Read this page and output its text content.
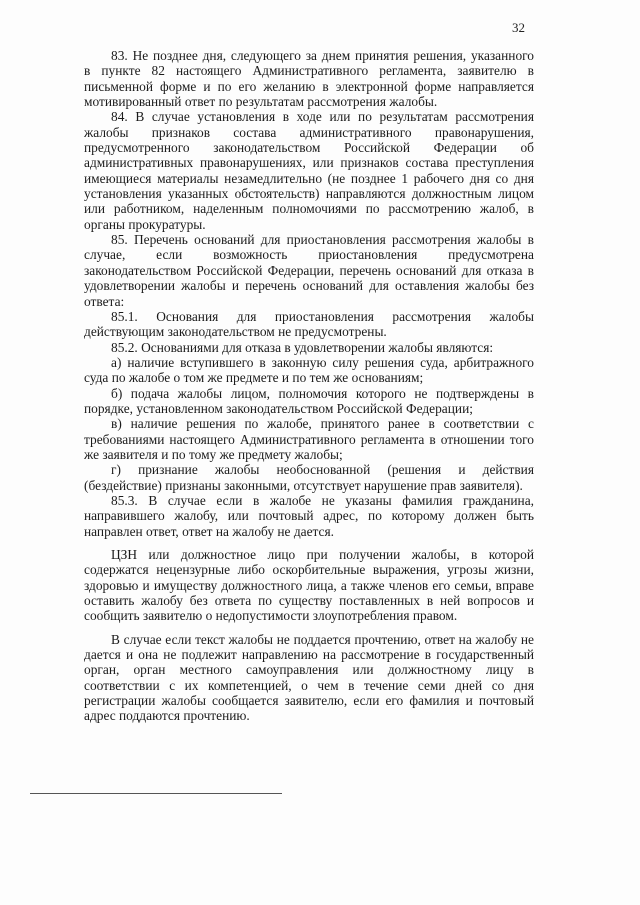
32
83. Не позднее дня, следующего за днем принятия решения, указанного
в пункте 82 настоящего Административного регламента, заявителю в
письменной форме и по его желанию в электронной форме направляется
мотивированный ответ по результатам рассмотрения жалобы.
84. В случае установления в ходе или по результатам рассмотрения
жалобы признаков состава административного правонарушения,
предусмотренного законодательством Российской Федерации об
административных правонарушениях, или признаков состава преступления
имеющиеся материалы незамедлительно (не позднее 1 рабочего дня со дня
установления указанных обстоятельств) направляются должностным лицом
или работником, наделенным полномочиями по рассмотрению жалоб, в
органы прокуратуры.
85. Перечень оснований для приостановления рассмотрения жалобы в
случае, если возможность приостановления предусмотрена
законодательством Российской Федерации, перечень оснований для отказа в
удовлетворении жалобы и перечень оснований для оставления жалобы без
ответа:
85.1. Основания для приостановления рассмотрения жалобы
действующим законодательством не предусмотрены.
85.2. Основаниями для отказа в удовлетворении жалобы являются:
а) наличие вступившего в законную силу решения суда, арбитражного
суда по жалобе о том же предмете и по тем же основаниям;
б) подача жалобы лицом, полномочия которого не подтверждены в
порядке, установленном законодательством Российской Федерации;
в) наличие решения по жалобе, принятого ранее в соответствии с
требованиями настоящего Административного регламента в отношении того
же заявителя и по тому же предмету жалобы;
г) признание жалобы необоснованной (решения и действия
(бездействие) признаны законными, отсутствует нарушение прав заявителя).
85.3. В случае если в жалобе не указаны фамилия гражданина,
направившего жалобу, или почтовый адрес, по которому должен быть
направлен ответ, ответ на жалобу не дается.
ЦЗН или должностное лицо при получении жалобы, в которой
содержатся нецензурные либо оскорбительные выражения, угрозы жизни,
здоровью и имуществу должностного лица, а также членов его семьи, вправе
оставить жалобу без ответа по существу поставленных в ней вопросов и
сообщить заявителю о недопустимости злоупотребления правом.
В случае если текст жалобы не поддается прочтению, ответ на жалобу не
дается и она не подлежит направлению на рассмотрение в государственный
орган, орган местного самоуправления или должностному лицу в
соответствии с их компетенцией, о чем в течение семи дней со дня
регистрации жалобы сообщается заявителю, если его фамилия и почтовый
адрес поддаются прочтению.
